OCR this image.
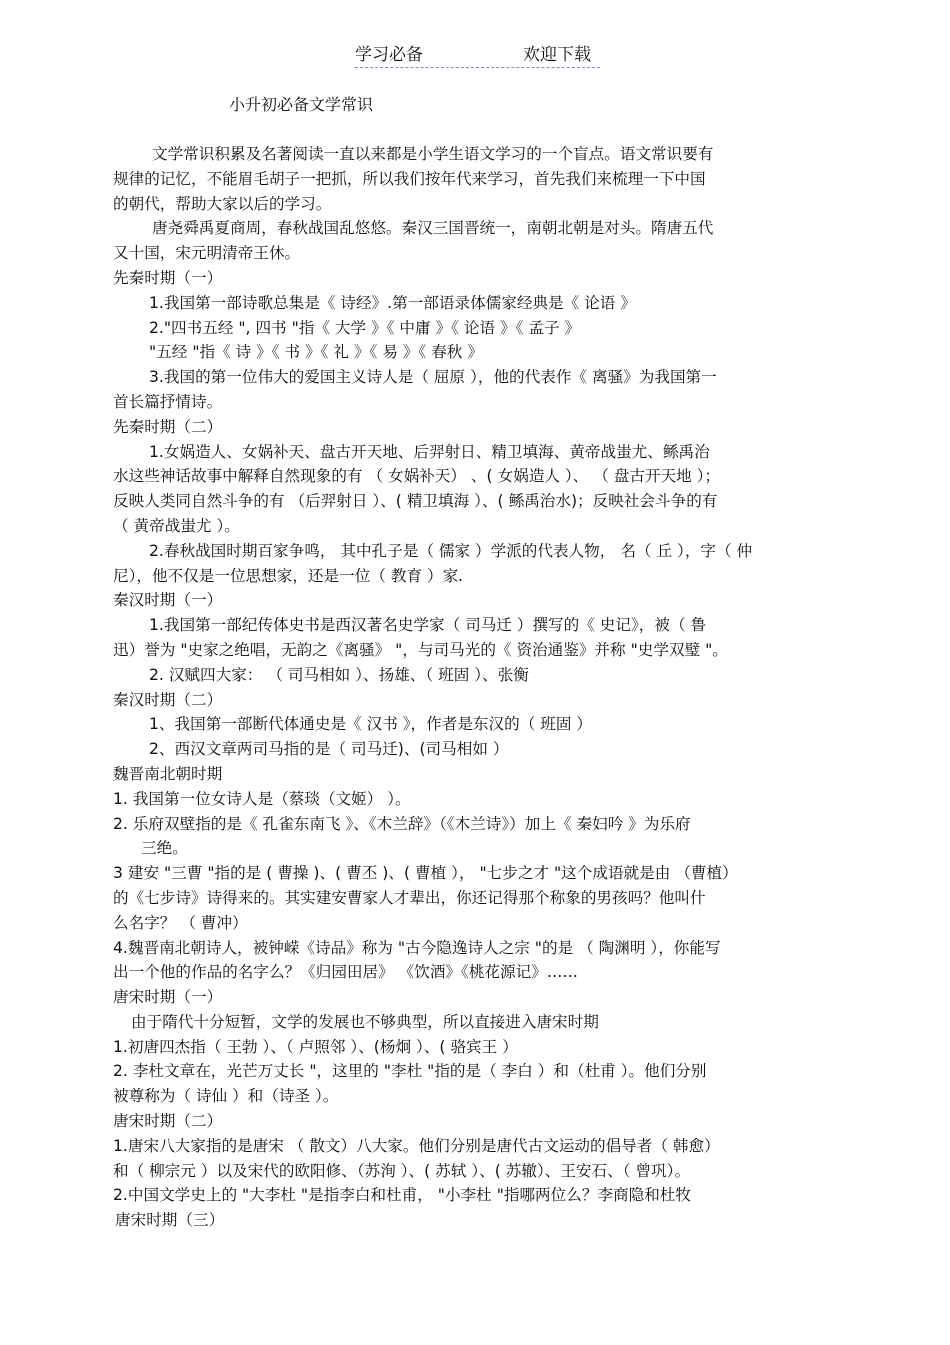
学习必备	欢迎下载
小升初必备文学常识
文学常识积累及名著阅读一直以来都是小学生语文学习的一个盲点。语文常识要有
规律的记忆，不能眉毛胡子一把抓，所以我们按年代来学习，首先我们来梳理一下中国
的朝代，帮助大家以后的学习。
唐尧舜禹夏商周，春秋战国乱悠悠。秦汉三国晋统一，南朝北朝是对头。隋唐五代
又十国，宋元明清帝王休。
先秦时期（一）
1.我国第一部诗歌总集是《 诗经》.第一部语录体儒家经典是《 论语 》
2."四书五经 ", 四书 "指《 大学 》《 中庸 》《 论语 》《 孟子 》
"五经 "指《 诗 》《 书 》《 礼 》《 易 》《 春秋 》
3.我国的第一位伟大的爱国主义诗人是（ 屈原 ），他的代表作《 离骚》为我国第一
首长篇抒情诗。
先秦时期（二）
1.女娲造人、女娲补天、盘古开天地、后羿射日、精卫填海、黄帝战蚩尤、鲧禹治
水这些神话故事中解释自然现象的有 （ 女娲补天） 、( 女娲造人 ）、 （ 盘古开天地 ）；
反映人类同自然斗争的有 （后羿射日 ）、( 精卫填海 ）、( 鲧禹治水)；反映社会斗争的有
（ 黄帝战蚩尤 ）。
2.春秋战国时期百家争鸣， 其中孔子是（ 儒家 ）学派的代表人物， 名（ 丘 ），字（ 仲
尼），他不仅是一位思想家，还是一位（ 教育 ）家.
秦汉时期（一）
1.我国第一部纪传体史书是西汉著名史学家（ 司马迁 ）撰写的《 史记》，被（ 鲁
迅）誉为 "史家之绝唱，无韵之《离骚》 "，与司马光的《 资治通鉴》并称 "史学双璧 "。
2. 汉赋四大家： （ 司马相如 ）、扬雄、（ 班固 ）、张衡
秦汉时期（二）
1、我国第一部断代体通史是《 汉书 》，作者是东汉的（ 班固 ）
2、西汉文章两司马指的是（ 司马迁)、(司马相如 ）
魏晋南北朝时期
1. 我国第一位女诗人是（蔡琰（文姬） ）。
2. 乐府双壁指的是《 孔雀东南飞 》、《木兰辞》（《木兰诗》）加上《 秦妇吟 》为乐府
三绝。
3 建安 "三曹 "指的是 ( 曹操 )、( 曹丕 )、( 曹植 ）， "七步之才 "这个成语就是由 （曹植）
的《七步诗》诗得来的。其实建安曹家人才辈出，你还记得那个称象的男孩吗？他叫什
么名字？ （ 曹冲）
4.魏晋南北朝诗人，被钟嵘《诗品》称为 "古今隐逸诗人之宗 "的是 （ 陶渊明 ），你能写
出一个他的作品的名字么？《归园田居》 《饮酒》《桃花源记》……
唐宋时期（一）
由于隋代十分短暂，文学的发展也不够典型，所以直接进入唐宋时期
1.初唐四杰指（ 王勃 ）、（ 卢照邻 ）、(杨炯 ）、( 骆宾王 ）
2. 李杜文章在，光芒万丈长 "，这里的 "李杜 "指的是（ 李白 ）和（杜甫 ）。他们分别
被尊称为（ 诗仙 ）和（诗圣 ）。
唐宋时期（二）
1.唐宋八大家指的是唐宋 （ 散文）八大家。他们分别是唐代古文运动的倡导者（ 韩愈）
和（ 柳宗元 ）以及宋代的欧阳修、（苏洵 ）、( 苏轼 ）、( 苏辙）、王安石、（ 曾巩）。
2.中国文学史上的 "大李杜 "是指李白和杜甫， "小李杜 "指哪两位么？李商隐和杜牧
唐宋时期（三）
